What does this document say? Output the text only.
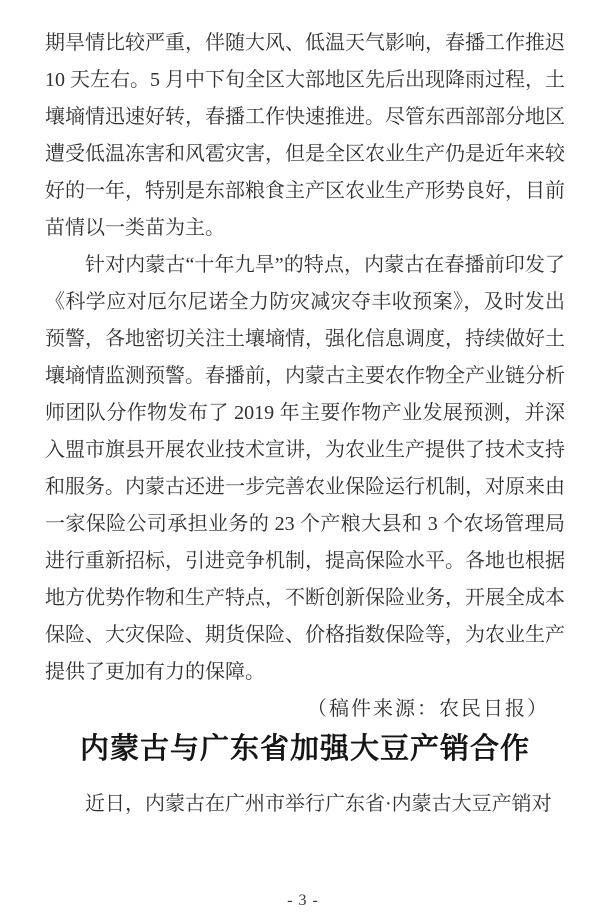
期旱情比较严重，伴随大风、低温天气影响，春播工作推迟 10 天左右。5 月中下旬全区大部地区先后出现降雨过程，土壤墒情迅速好转，春播工作快速推进。尽管东西部部分地区遭受低温冻害和风雹灾害，但是全区农业生产仍是近年来较好的一年，特别是东部粮食主产区农业生产形势良好，目前苗情以一类苗为主。

针对内蒙古“十年九旱”的特点，内蒙古在春播前印发了《科学应对厄尔尼诺全力防灾减灾夺丰收预案》，及时发出预警，各地密切关注土壤墒情，强化信息调度，持续做好土壤墒情监测预警。春播前，内蒙古主要农作物全产业链分析师团队分作物发布了 2019 年主要作物产业发展预测，并深入盟市旗县开展农业技术宣讲，为农业生产提供了技术支持和服务。内蒙古还进一步完善农业保险运行机制，对原来由一家保险公司承担业务的 23 个产粮大县和 3 个农场管理局进行重新招标，引进竞争机制，提高保险水平。各地也根据地方优势作物和生产特点，不断创新保险业务，开展全成本保险、大灾保险、期货保险、价格指数保险等，为农业生产提供了更加有力的保障。

（稿件来源：农民日报）

内蒙古与广东省加强大豆产销合作

近日，内蒙古在广州市举行广东省·内蒙古大豆产销对

- 3 -
